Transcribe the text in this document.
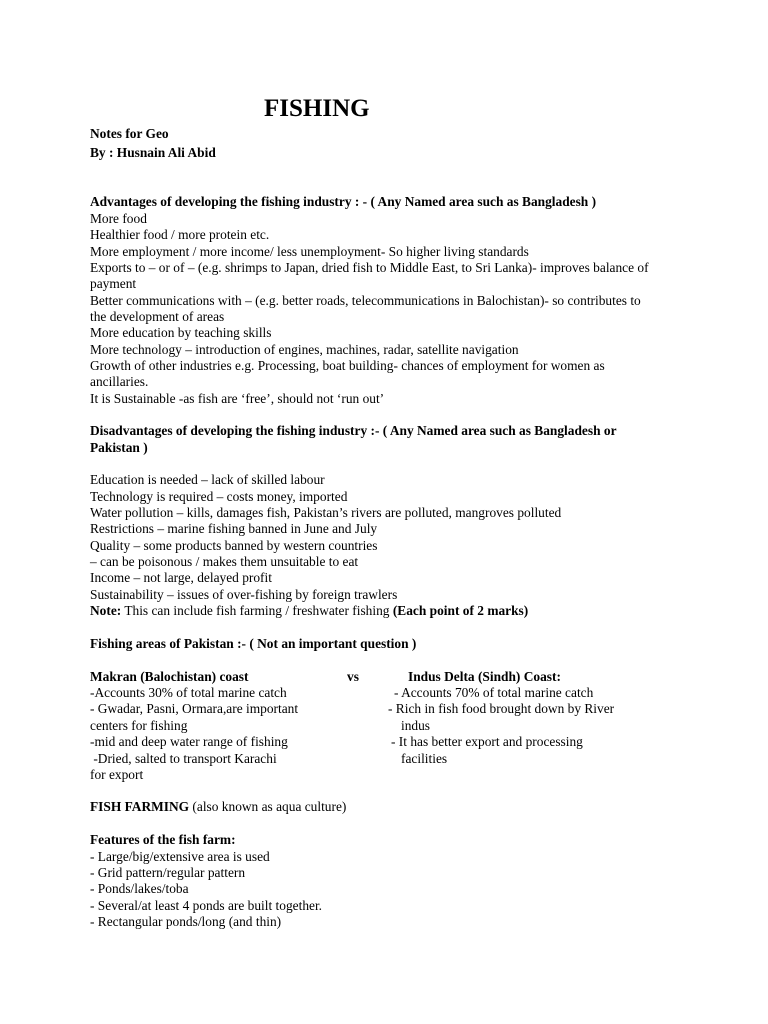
FISHING
Notes for Geo
By : Husnain Ali Abid
Advantages of developing the fishing industry : - ( Any Named area such as Bangladesh )
More food
Healthier food / more protein etc.
More employment / more income/ less unemployment- So higher living standards
Exports to – or of – (e.g. shrimps to Japan, dried fish to Middle East, to Sri Lanka)- improves balance of
payment
Better communications with – (e.g. better roads, telecommunications in Balochistan)- so contributes to
the development of areas
More education by teaching skills
More technology – introduction of engines, machines, radar, satellite navigation
Growth of other industries e.g. Processing, boat building- chances of employment for women as
ancillaries.
It is Sustainable -as fish are ‘free’, should not ‘run out’
Disadvantages of developing the fishing industry :- ( Any Named area such as Bangladesh or
Pakistan )
Education is needed – lack of skilled labour
Technology is required – costs money, imported
Water pollution – kills, damages fish, Pakistan’s rivers are polluted, mangroves polluted
Restrictions – marine fishing banned in June and July
Quality – some products banned by western countries
– can be poisonous / makes them unsuitable to eat
Income – not large, delayed profit
Sustainability – issues of over-fishing by foreign trawlers
Note: This can include fish farming / freshwater fishing (Each point of 2 marks)
Fishing areas of Pakistan :- ( Not an important question )
Makran (Balochistan) coast	vs	Indus Delta (Sindh) Coast:
-Accounts 30% of total marine catch
- Gwadar, Pasni, Ormara,are important
centers for fishing
-mid and deep water range of fishing
-Dried, salted to transport Karachi
for export
- Accounts 70% of total marine catch
- Rich in fish food brought down by River
indus
- It has better export and processing
facilities
FISH FARMING (also known as aqua culture)
Features of the fish farm:
- Large/big/extensive area is used
- Grid pattern/regular pattern
- Ponds/lakes/toba
- Several/at least 4 ponds are built together.
- Rectangular ponds/long (and thin)
